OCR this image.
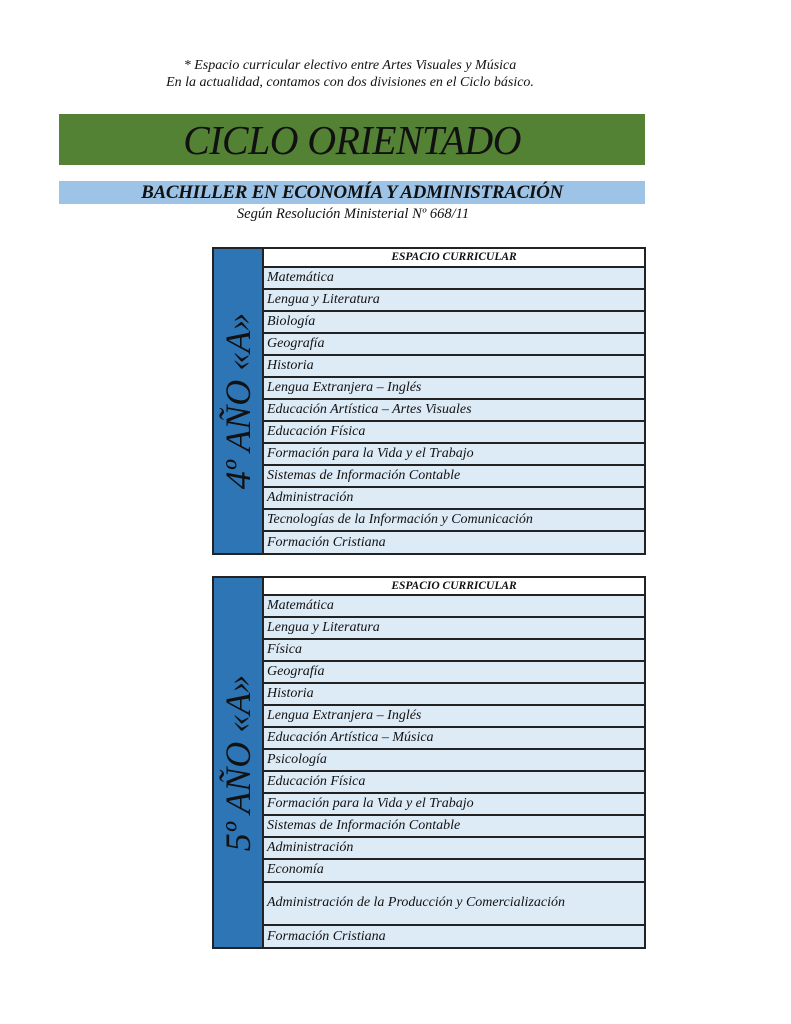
* Espacio curricular electivo entre Artes Visuales y Música
En la actualidad, contamos con dos divisiones en el Ciclo básico.
CICLO ORIENTADO
BACHILLER EN ECONOMÍA Y ADMINISTRACIÓN
Según Resolución Ministerial Nº 668/11
4º AÑO «A»
ESPACIO CURRICULAR
Matemática
Lengua y Literatura
Biología
Geografía
Historia
Lengua Extranjera – Inglés
Educación Artística – Artes Visuales
Educación Física
Formación para la Vida y el Trabajo
Sistemas de Información Contable
Administración
Tecnologías de la Información y Comunicación
Formación Cristiana
5º AÑO «A»
ESPACIO CURRICULAR
Matemática
Lengua y Literatura
Física
Geografía
Historia
Lengua Extranjera – Inglés
Educación Artística – Música
Psicología
Educación Física
Formación para la Vida y el Trabajo
Sistemas de Información Contable
Administración
Economía
Administración de la Producción y Comercialización
Formación Cristiana
